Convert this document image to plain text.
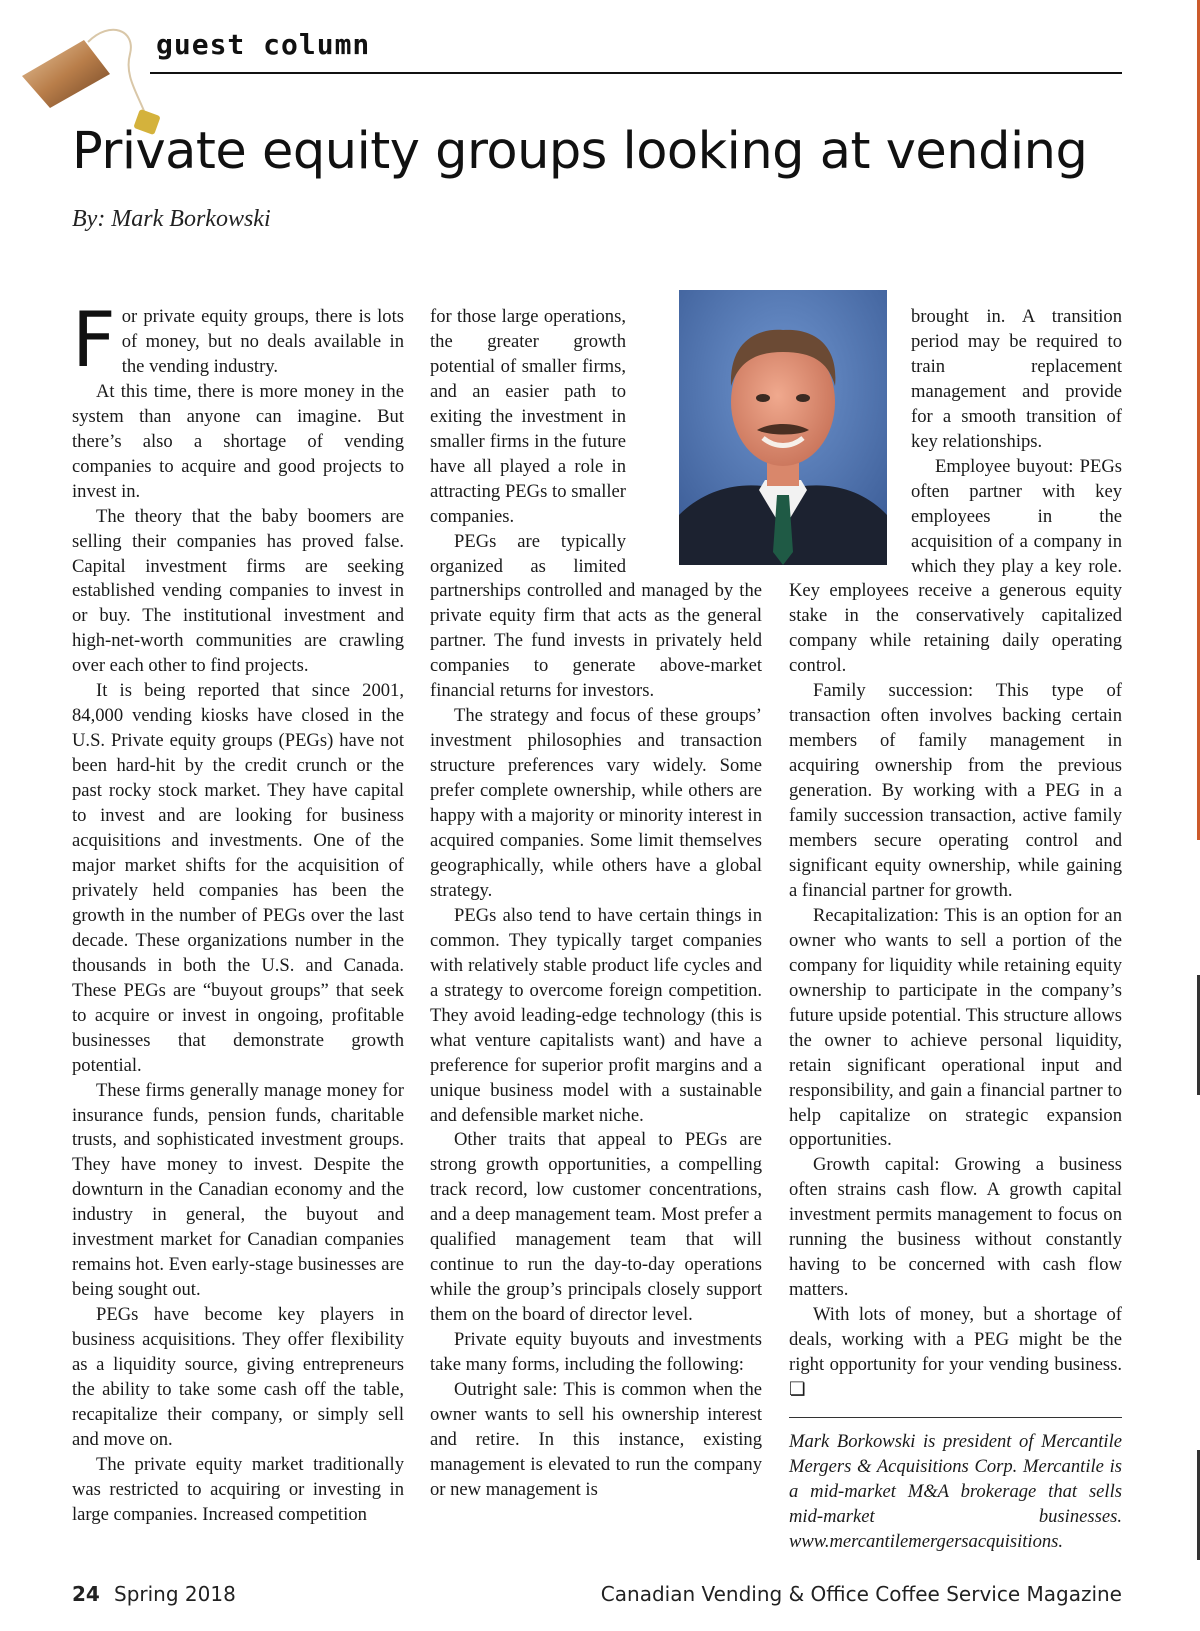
guest column
Private equity groups looking at vending
By: Mark Borkowski

For private equity groups, there is lots of money, but no deals available in the vending industry.

At this time, there is more money in the system than anyone can imagine. But there’s also a shortage of vending companies to acquire and good projects to invest in.

The theory that the baby boomers are selling their companies has proved false. Capital investment firms are seeking established vending companies to invest in or buy. The institutional investment and high-net-worth communities are crawling over each other to find projects.

It is being reported that since 2001, 84,000 vending kiosks have closed in the U.S. Private equity groups (PEGs) have not been hard-hit by the credit crunch or the past rocky stock market. They have capital to invest and are looking for business acquisitions and investments. One of the major market shifts for the acquisition of privately held companies has been the growth in the number of PEGs over the last decade. These organizations number in the thousands in both the U.S. and Canada. These PEGs are “buyout groups” that seek to acquire or invest in ongoing, profitable businesses that demonstrate growth potential.

These firms generally manage money for insurance funds, pension funds, charitable trusts, and sophisticated investment groups. They have money to invest. Despite the downturn in the Canadian economy and the industry in general, the buyout and investment market for Canadian companies remains hot. Even early-stage businesses are being sought out.

PEGs have become key players in business acquisitions. They offer flexibility as a liquidity source, giving entrepreneurs the ability to take some cash off the table, recapitalize their company, or simply sell and move on.

The private equity market traditionally was restricted to acquiring or investing in large companies. Increased competition

for those large operations, the greater growth potential of smaller firms, and an easier path to exiting the investment in smaller firms in the future have all played a role in attracting PEGs to smaller companies.

PEGs are typically organized as limited partnerships controlled and managed by the private equity firm that acts as the general partner. The fund invests in privately held companies to generate above-market financial returns for investors.

The strategy and focus of these groups’ investment philosophies and transaction structure preferences vary widely. Some prefer complete ownership, while others are happy with a majority or minority interest in acquired companies. Some limit themselves geographically, while others have a global strategy.

PEGs also tend to have certain things in common. They typically target companies with relatively stable product life cycles and a strategy to overcome foreign competition. They avoid leading-edge technology (this is what venture capitalists want) and have a preference for superior profit margins and a unique business model with a sustainable and defensible market niche.

Other traits that appeal to PEGs are strong growth opportunities, a compelling track record, low customer concentrations, and a deep management team. Most prefer a qualified management team that will continue to run the day-to-day operations while the group’s principals closely support them on the board of director level.

Private equity buyouts and investments take many forms, including the following:

Outright sale: This is common when the owner wants to sell his ownership interest and retire. In this instance, existing management is elevated to run the company or new management is

brought in. A transition period may be required to train replacement management and provide for a smooth transition of key relationships.

Employee buyout: PEGs often partner with key employees in the acquisition of a company in which they play a key role. Key employees receive a generous equity stake in the conservatively capitalized company while retaining daily operating control.

Family succession: This type of transaction often involves backing certain members of family management in acquiring ownership from the previous generation. By working with a PEG in a family succession transaction, active family members secure operating control and significant equity ownership, while gaining a financial partner for growth.

Recapitalization: This is an option for an owner who wants to sell a portion of the company for liquidity while retaining equity ownership to participate in the company’s future upside potential. This structure allows the owner to achieve personal liquidity, retain significant operational input and responsibility, and gain a financial partner to help capitalize on strategic expansion opportunities.

Growth capital: Growing a business often strains cash flow. A growth capital investment permits management to focus on running the business without constantly having to be concerned with cash flow matters.

With lots of money, but a shortage of deals, working with a PEG might be the right opportunity for your vending business. ❏

Mark Borkowski is president of Mercantile Mergers & Acquisitions Corp. Mercantile is a mid-market M&A brokerage that sells mid-market businesses. www.mercantilemergersacquisitions.

24 Spring 2018	Canadian Vending & Office Coffee Service Magazine
